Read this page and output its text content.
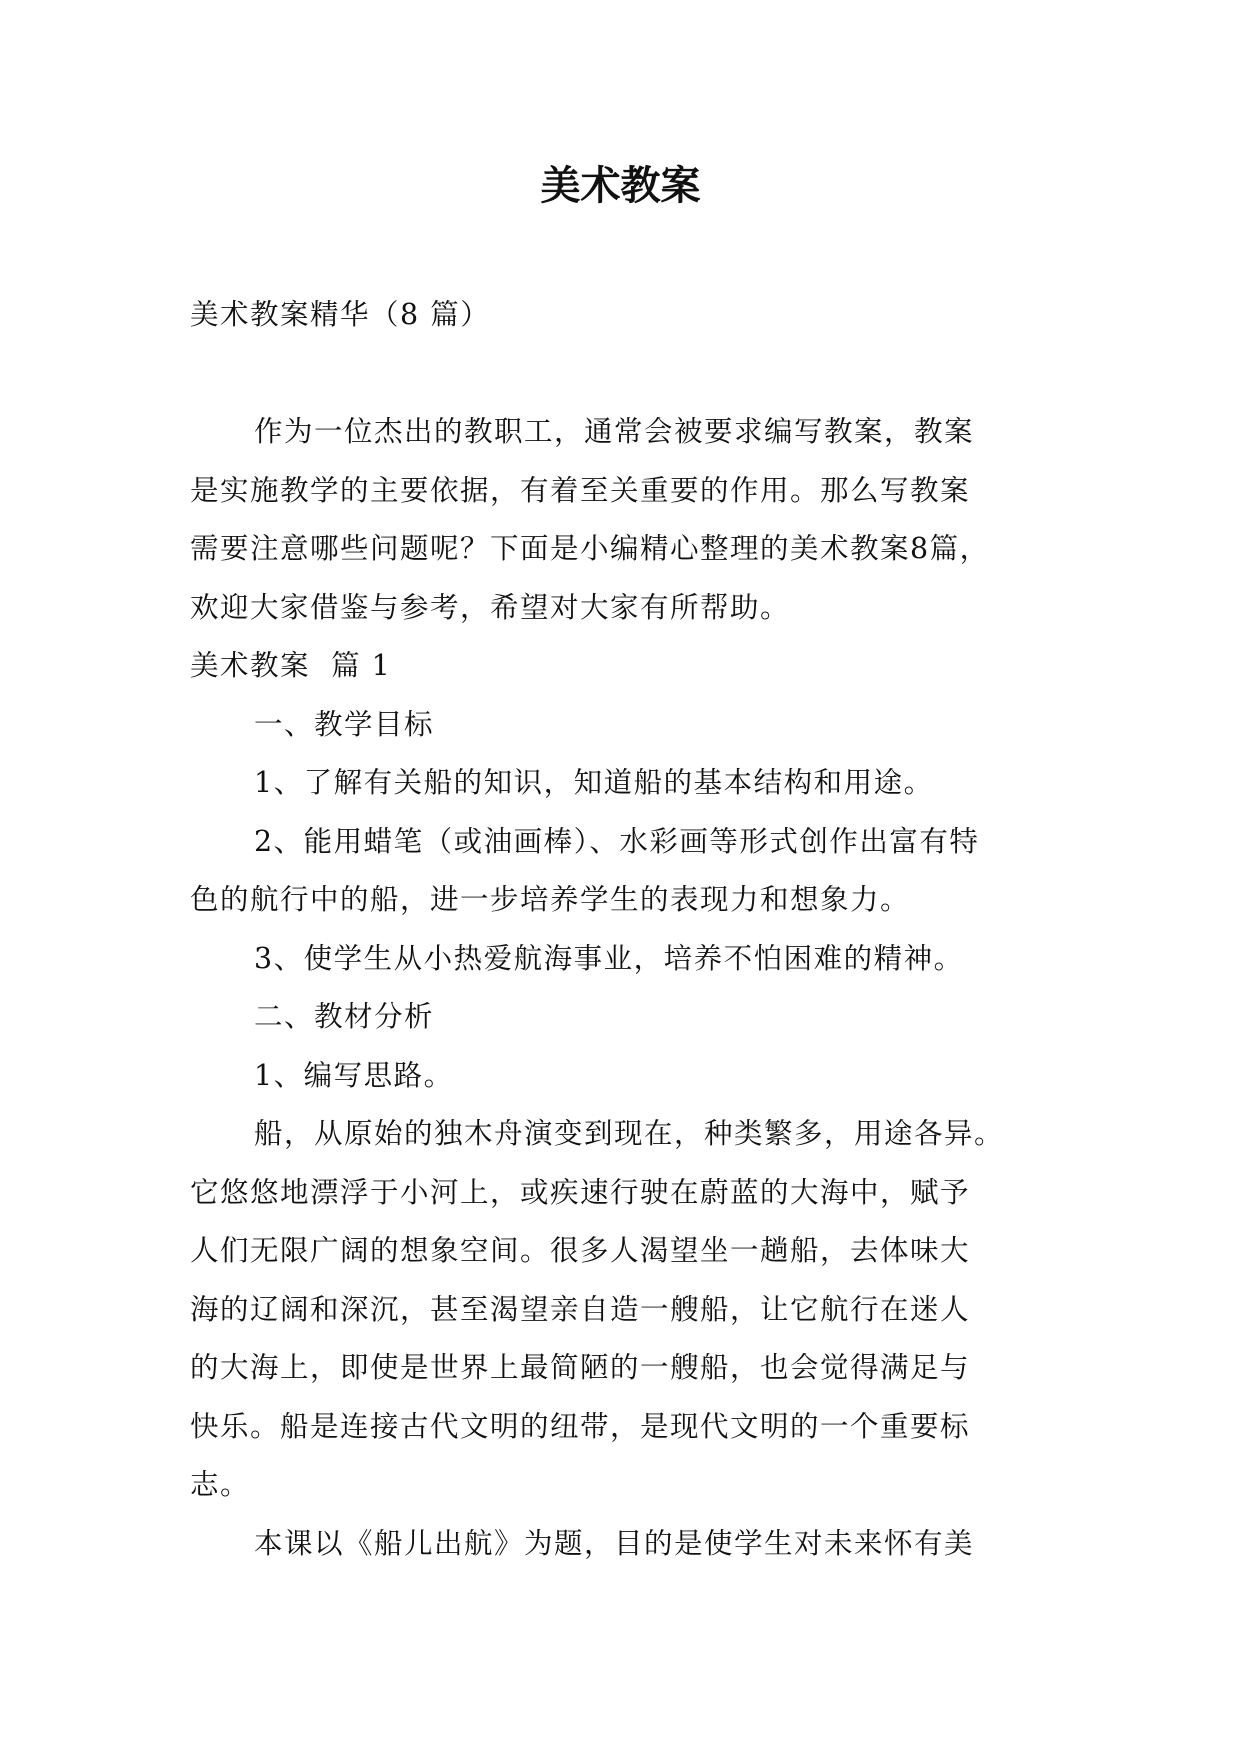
美术教案

美术教案精华（8 篇）

作为一位杰出的教职工，通常会被要求编写教案，教案

是实施教学的主要依据，有着至关重要的作用。那么写教案

需要注意哪些问题呢？下面是小编精心整理的美术教案8篇，

欢迎大家借鉴与参考，希望对大家有所帮助。

美术教案  篇 1

一、教学目标

1、了解有关船的知识，知道船的基本结构和用途。

2、能用蜡笔（或油画棒）、水彩画等形式创作出富有特

色的航行中的船，进一步培养学生的表现力和想象力。

3、使学生从小热爱航海事业，培养不怕困难的精神。

二、教材分析

1、编写思路。

船，从原始的独木舟演变到现在，种类繁多，用途各异。

它悠悠地漂浮于小河上，或疾速行驶在蔚蓝的大海中，赋予

人们无限广阔的想象空间。很多人渴望坐一趟船，去体味大

海的辽阔和深沉，甚至渴望亲自造一艘船，让它航行在迷人

的大海上，即使是世界上最简陋的一艘船，也会觉得满足与

快乐。船是连接古代文明的纽带，是现代文明的一个重要标

志。

本课以《船儿出航》为题，目的是使学生对未来怀有美
